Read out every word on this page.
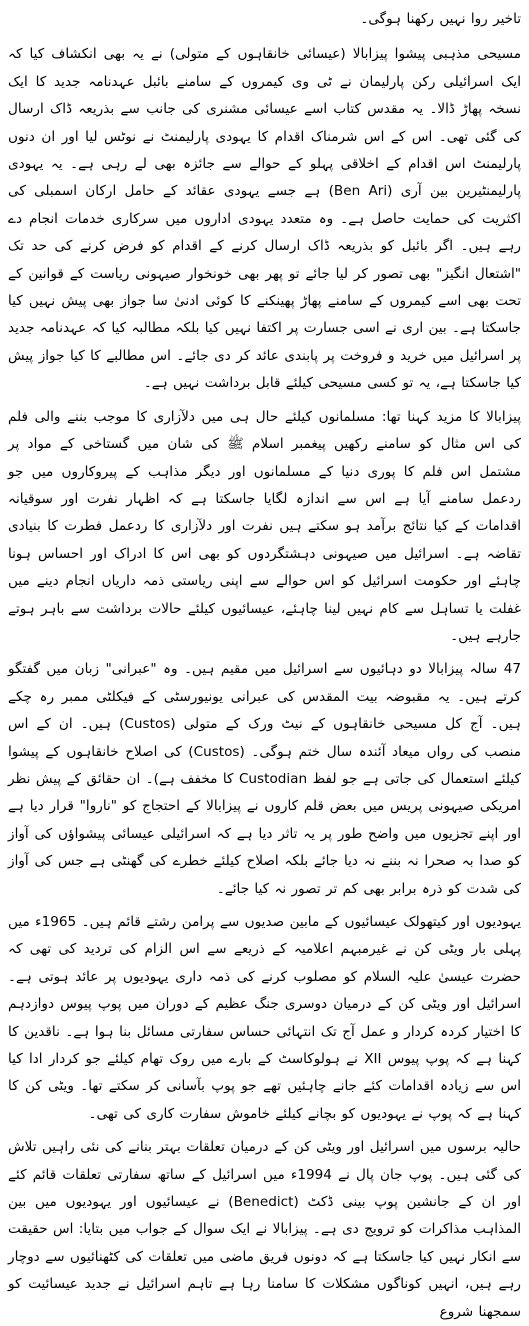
تاخیر روا نہیں رکھنا ہوگی۔

مسیحی مذہبی پیشوا پیزابالا (عیسائی خانقاہوں کے متولی) نے یہ بھی انکشاف کیا کہ ایک اسرائیلی رکن پارلیمان نے ٹی وی کیمروں کے سامنے بائبل عہدنامہ جدید کا ایک نسخہ پھاڑ ڈالا۔ یہ مقدس کتاب اسے عیسائی مشنری کی جانب سے بذریعہ ڈاک ارسال کی گئی تھی۔ اس کے اس شرمناک اقدام کا یہودی پارلیمنٹ نے نوٹس لیا اور ان دنوں پارلیمنٹ اس اقدام کے اخلاقی پہلو کے حوالے سے جائزہ بھی لے رہی ہے۔ یہ یہودی پارلیمنٹیرین بین آری (Ben Ari) ہے جسے یہودی عقائد کے حامل ارکان اسمبلی کی اکثریت کی حمایت حاصل ہے۔ وہ متعدد یہودی اداروں میں سرکاری خدمات انجام دے رہے ہیں۔ اگر بائبل کو بذریعہ ڈاک ارسال کرنے کے اقدام کو فرض کرنے کی حد تک "اشتعال انگیز" بھی تصور کر لیا جائے تو پھر بھی خونخوار صیہونی ریاست کے قوانین کے تحت بھی اسے کیمروں کے سامنے پھاڑ پھینکنے کا کوئی ادنیٰ سا جواز بھی پیش نہیں کیا جاسکتا ہے۔ بین اری نے اسی جسارت پر اکتفا نہیں کیا بلکہ مطالبہ کیا کہ عہدنامہ جدید پر اسرائیل میں خرید و فروخت پر پابندی عائد کر دی جائے۔ اس مطالبے کا کیا جواز پیش کیا جاسکتا ہے، یہ تو کسی مسیحی کیلئے قابل برداشت نہیں ہے۔

پیزابالا کا مزید کہنا تھا: مسلمانوں کیلئے حال ہی میں دلآزاری کا موجب بننے والی فلم کی اس مثال کو سامنے رکھیں پیغمبر اسلام ﷺ کی شان میں گستاخی کے مواد پر مشتمل اس فلم کا پوری دنیا کے مسلمانوں اور دیگر مذاہب کے پیروکاروں میں جو ردعمل سامنے آیا ہے اس سے اندازہ لگایا جاسکتا ہے کہ اظہار نفرت اور سوقیانہ اقدامات کے کیا نتائج برآمد ہو سکتے ہیں نفرت اور دلآزاری کا ردعمل فطرت کا بنیادی تقاضہ ہے۔ اسرائیل میں صیہونی دہشتگردوں کو بھی اس کا ادراک اور احساس ہونا چاہئے اور حکومت اسرائیل کو اس حوالے سے اپنی ریاستی ذمہ داریاں انجام دینے میں غفلت یا تساہل سے کام نہیں لینا چاہئے، عیسائیوں کیلئے حالات برداشت سے باہر ہوتے جارہے ہیں۔

47 سالہ پیزابالا دو دہائیوں سے اسرائیل میں مقیم ہیں۔ وہ "عبرانی" زبان میں گفتگو کرتے ہیں۔ یہ مقبوضہ بیت المقدس کی عبرانی یونیورسٹی کے فیکلٹی ممبر رہ چکے ہیں۔ آج کل مسیحی خانقاہوں کے نیٹ ورک کے متولی (Custos) ہیں۔ ان کے اس منصب کی رواں میعاد آئندہ سال ختم ہوگی۔ (Custos) کی اصلاح خانقاہوں کے پیشوا کیلئے استعمال کی جاتی ہے جو لفظ Custodian کا مخفف ہے)۔ ان حقائق کے پیش نظر امریکی صیہونی پریس میں بعض قلم کاروں نے پیزابالا کے احتجاج کو "ناروا" قرار دیا ہے اور اپنے تجزیوں میں واضح طور پر یہ تاثر دیا ہے کہ اسرائیلی عیسائی پیشواؤں کی آواز کو صدا بہ صحرا نہ بننے نہ دیا جائے بلکہ اصلاح کیلئے خطرے کی گھنٹی ہے جس کی آواز کی شدت کو ذرہ برابر بھی کم تر تصور نہ کیا جائے۔

یہودیوں اور کیتھولک عیسائیوں کے مابین صدیوں سے پرامن رشتے قائم ہیں۔ 1965ء میں پہلی بار ویٹی کن نے غیرمبہم اعلامیہ کے ذریعے سے اس الزام کی تردید کی تھی کہ حضرت عیسیٰ علیہ السلام کو مصلوب کرنے کی ذمہ داری یہودیوں پر عائد ہوتی ہے۔ اسرائیل اور ویٹی کن کے درمیان دوسری جنگ عظیم کے دوران میں پوپ پیوس دوازدہم کا اختیار کردہ کردار و عمل آج تک انتہائی حساس سفارتی مسائل بنا ہوا ہے۔ ناقدین کا کہنا ہے کہ پوپ پیوس XII نے ہولوکاسٹ کے بارے میں روک تھام کیلئے جو کردار ادا کیا اس سے زیادہ اقدامات کئے جانے چاہئیں تھے جو پوپ بآسانی کر سکتے تھا۔ ویٹی کن کا کہنا ہے کہ پوپ نے یہودیوں کو بچانے کیلئے خاموش سفارت کاری کی تھی۔

حالیہ برسوں میں اسرائیل اور ویٹی کن کے درمیان تعلقات بہتر بنانے کی نئی راہیں تلاش کی گئی ہیں۔ پوپ جان پال نے 1994ء میں اسرائیل کے ساتھ سفارتی تعلقات قائم کئے اور ان کے جانشین پوپ بینی ڈکٹ (Benedict) نے عیسائیوں اور یہودیوں میں بین المذاہب مذاکرات کو ترویج دی ہے۔ پیزابالا نے ایک سوال کے جواب میں بتایا: اس حقیقت سے انکار نہیں کیا جاسکتا ہے کہ دونوں فریق ماضی میں تعلقات کی کٹھنائیوں سے دوچار رہے ہیں، انہیں کوناگوں مشکلات کا سامنا رہا ہے تاہم اسرائیل نے جدید عیسائیت کو سمجھنا شروع
